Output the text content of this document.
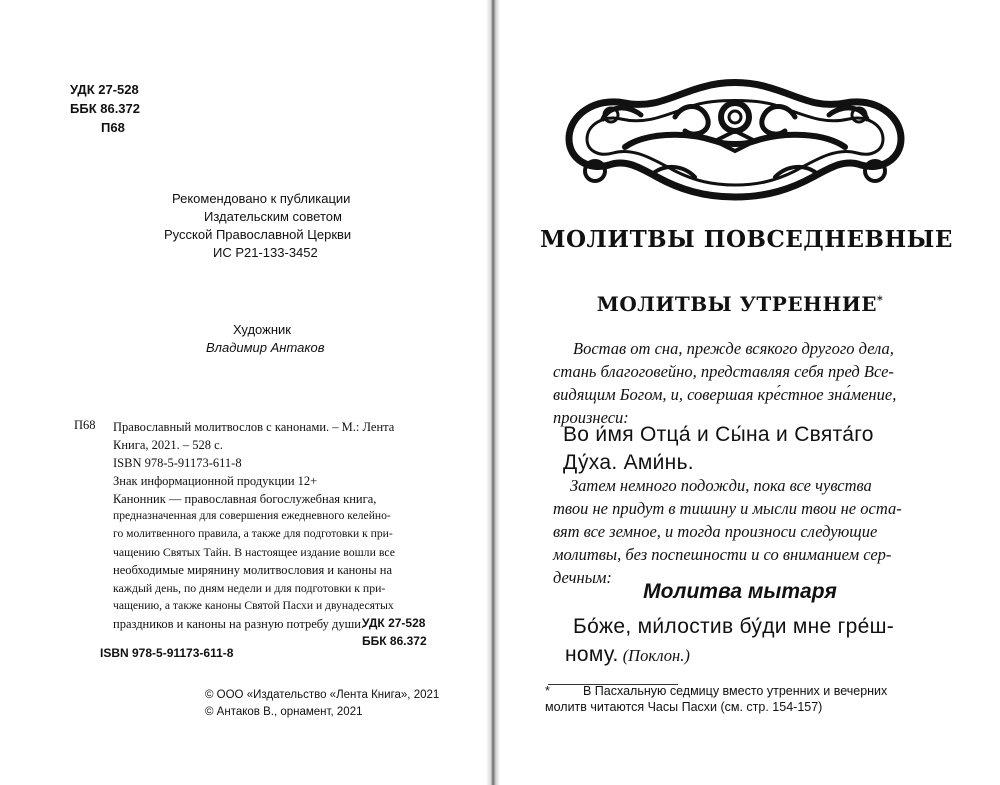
УДК 27-528
ББК 86.372
П68
Рекомендовано к публикации
Издательским советом
Русской Православной Церкви
ИС Р21-133-3452
Художник
Владимир Антаков
П68 Православный молитвослов с канонами. – М.: Лента
Книга, 2021. – 528 с.
ISBN 978-5-91173-611-8
Знак информационной продукции 12+
Канонник — православная богослужебная книга,
предназначенная для совершения ежедневного келейно-
го молитвенного правила, а также для подготовки к при-
чащению Святых Тайн. В настоящее издание вошли все
необходимые мирянину молитвословия и каноны на
каждый день, по дням недели и для подготовки к при-
чащению, а также каноны Святой Пасхи и двунадесятых
праздников и каноны на разную потребу души.
УДК 27-528
ББК 86.372
ISBN 978-5-91173-611-8
© ООО «Издательство «Лента Книга», 2021
© Антаков В., орнамент, 2021
МОЛИТВЫ ПОВСЕДНЕВНЫЕ
МОЛИТВЫ УТРЕННИЕ*
Востав от сна, прежде всякого другого дела,
стань благоговейно, представляя себя пред Все-
видящим Богом, и, совершая кре́стное зна́мение,
произнеси:
Во и́мя Отца́ и Сы́на и Свята́го
Ду́ха. Ами́нь.
Затем немного подожди, пока все чувства
твои не придут в тишину и мысли твои не оста-
вят все земное, и тогда произноси следующие
молитвы, без поспешности и со вниманием сер-
дечным:
Молитва мытаря
Бо́же, ми́лостив бу́ди мне гре́ш-
ному. (Поклон.)
*	В Пасхальную седмицу вместо утренних и вечерних
молитв читаются Часы Пасхи (см. стр. 154-157)
